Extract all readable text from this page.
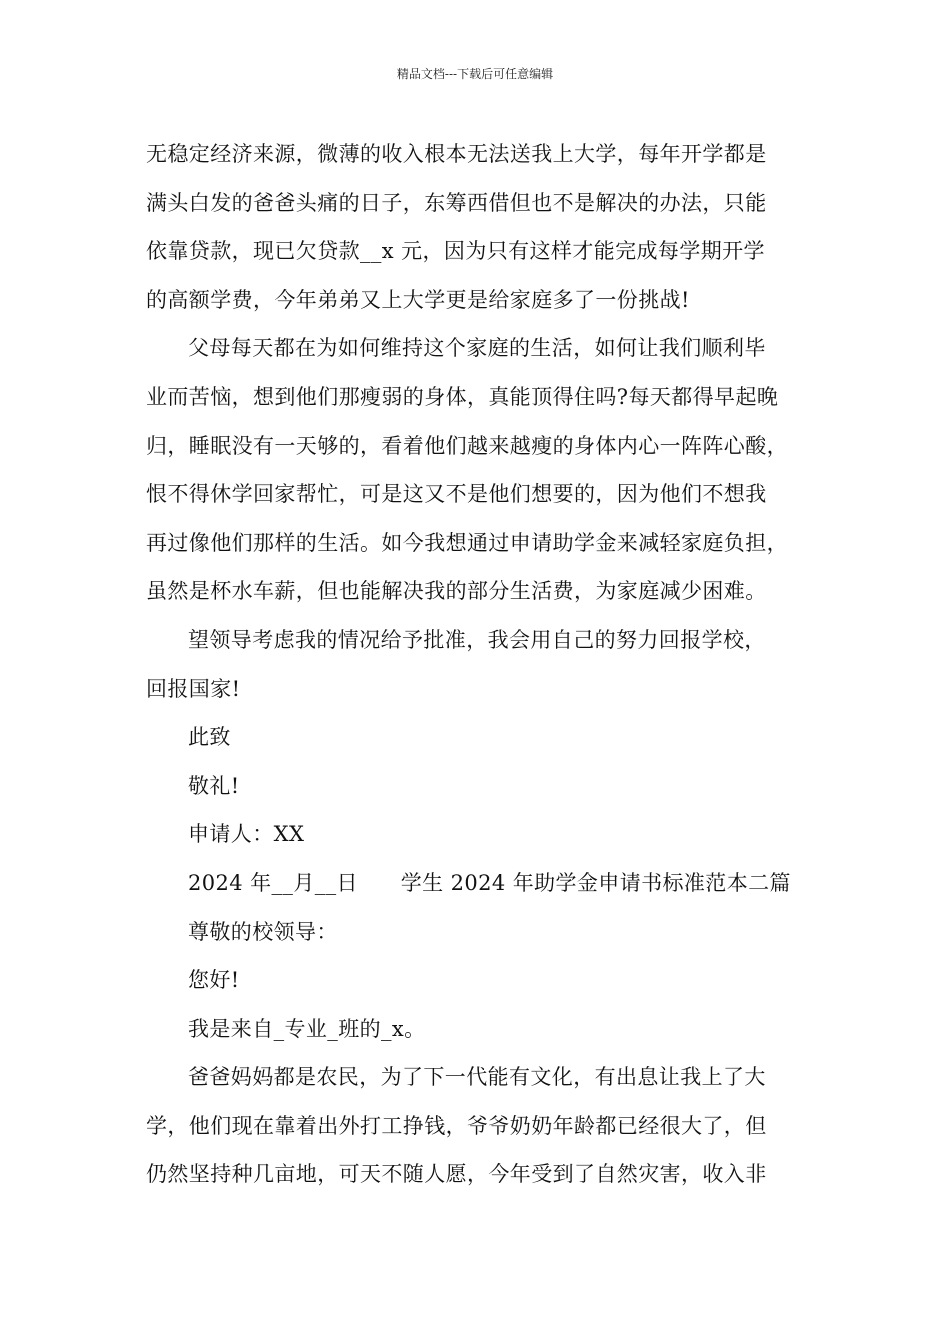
精品文档---下载后可任意编辑
无稳定经济来源，微薄的收入根本无法送我上大学，每年开学都是
满头白发的爸爸头痛的日子，东筹西借但也不是解决的办法，只能
依靠贷款，现已欠贷款__x 元，因为只有这样才能完成每学期开学
的高额学费，今年弟弟又上大学更是给家庭多了一份挑战!
父母每天都在为如何维持这个家庭的生活，如何让我们顺利毕
业而苦恼，想到他们那瘦弱的身体，真能顶得住吗?每天都得早起晚
归，睡眠没有一天够的，看着他们越来越瘦的身体内心一阵阵心酸，
恨不得休学回家帮忙，可是这又不是他们想要的，因为他们不想我
再过像他们那样的生活。如今我想通过申请助学金来减轻家庭负担，
虽然是杯水车薪，但也能解决我的部分生活费，为家庭减少困难。
望领导考虑我的情况给予批准，我会用自己的努力回报学校，
回报国家!
此致
敬礼!
申请人：XX
2024 年__月__日　　学生 2024 年助学金申请书标准范本二篇
尊敬的校领导：
您好!
我是来自_专业_班的_x。
爸爸妈妈都是农民，为了下一代能有文化，有出息让我上了大
学，他们现在靠着出外打工挣钱，爷爷奶奶年龄都已经很大了，但
仍然坚持种几亩地，可天不随人愿，今年受到了自然灾害，收入非
